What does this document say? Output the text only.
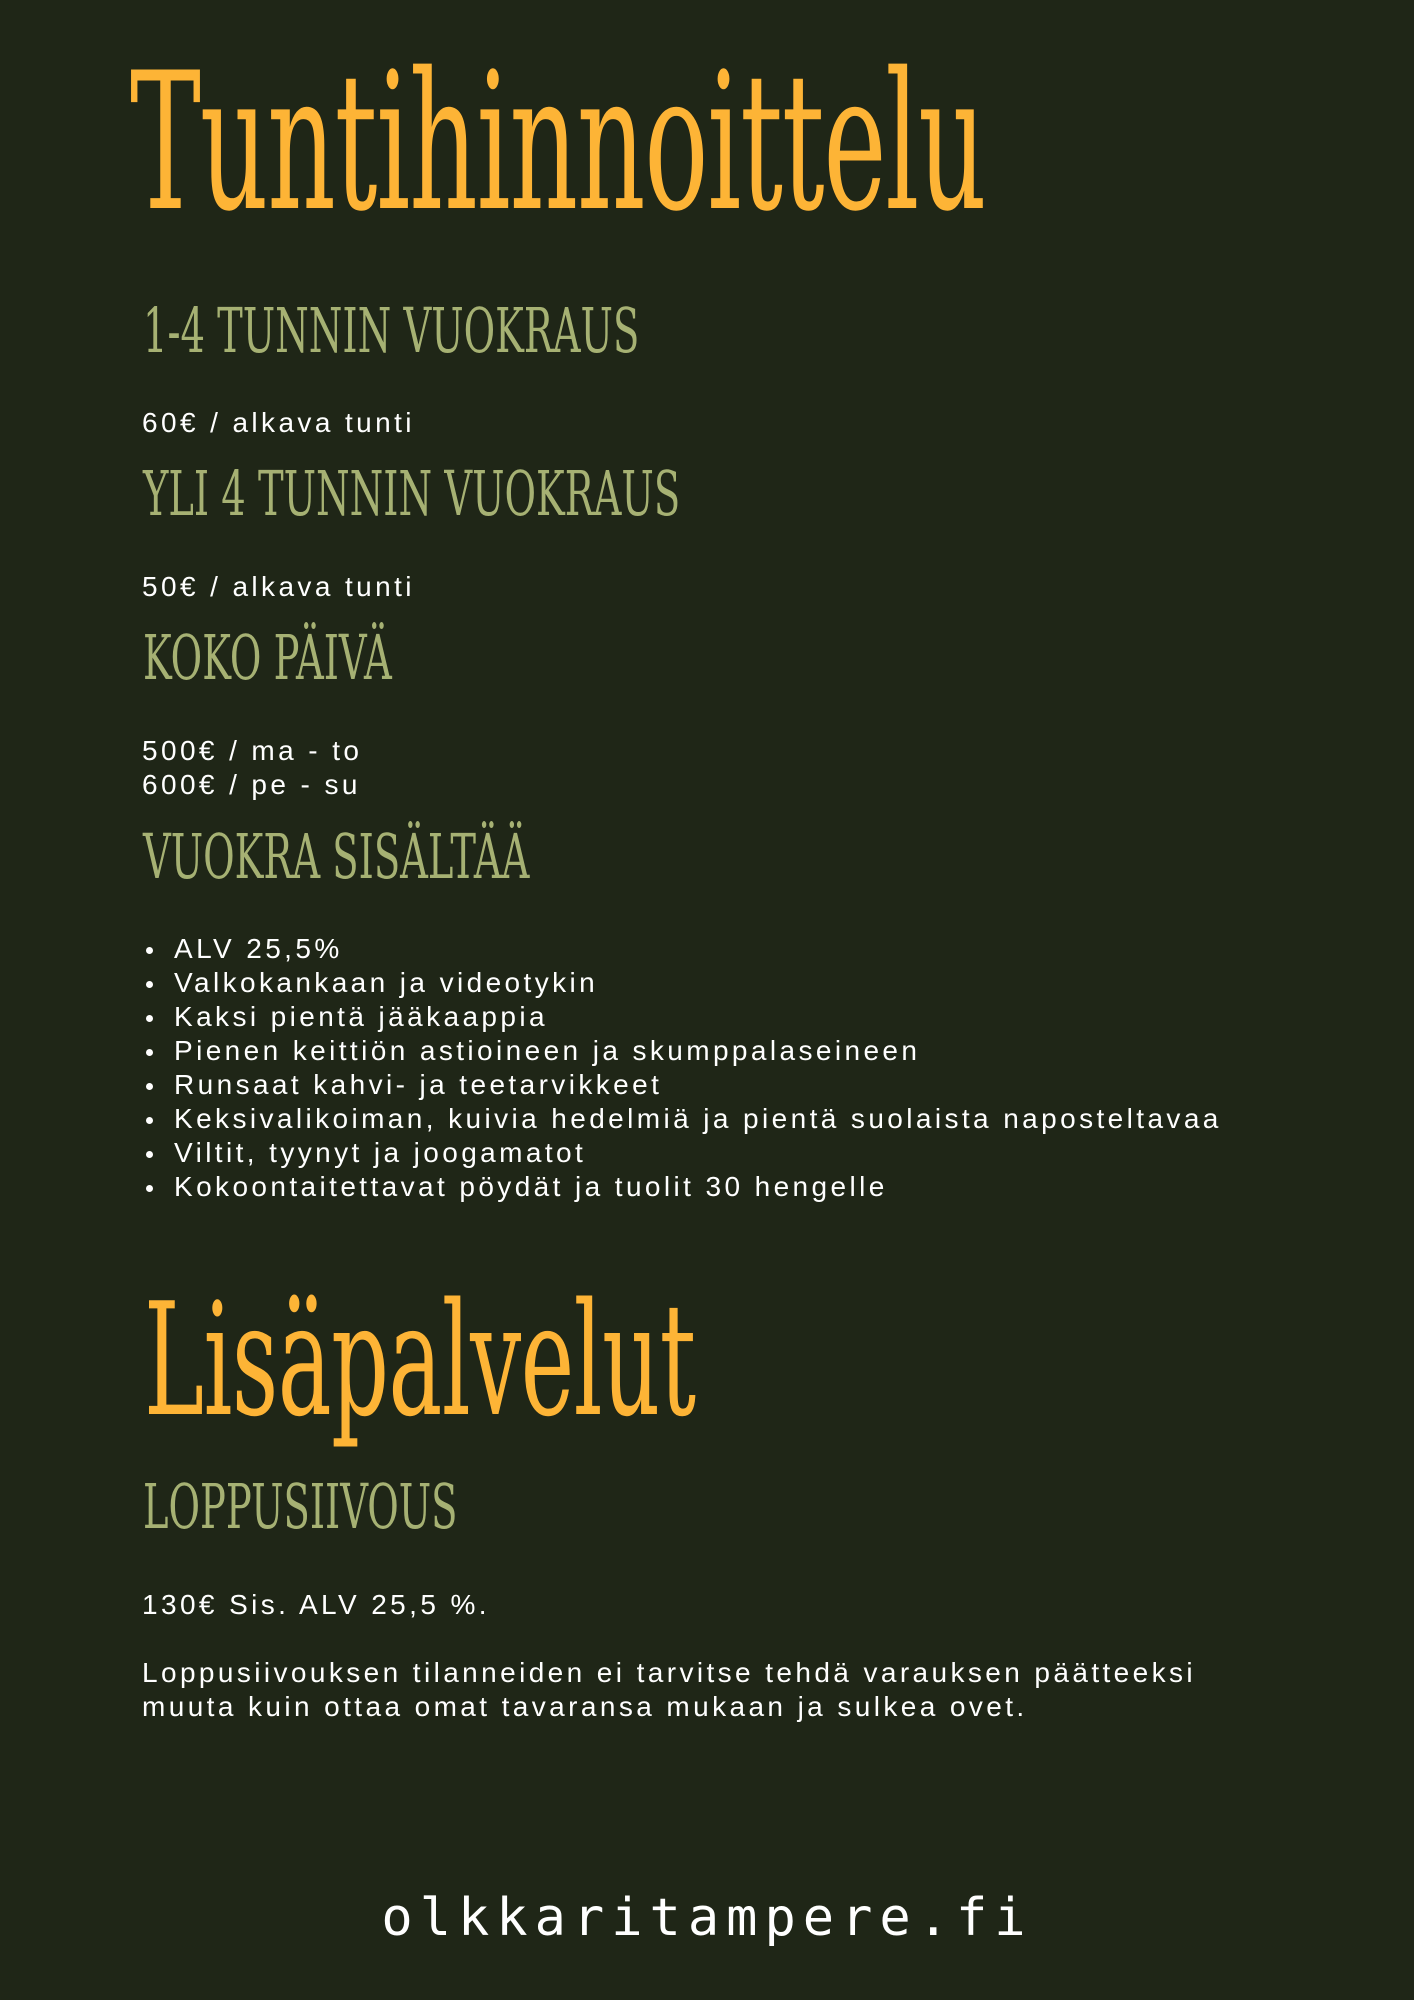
Tuntihinnoittelu
1-4 TUNNIN VUOKRAUS

60€ / alkava tunti

YLI 4 TUNNIN VUOKRAUS

50€ / alkava tunti

KOKO PÄIVÄ

500€ / ma - to

600€ / pe - su

VUOKRA SISÄLTÄÄ
ALV 25,5%
Valkokankaan ja videotykin
Kaksi pientä jääkaappia
Pienen keittiön astioineen ja skumppalaseineen
Runsaat kahvi- ja teetarvikkeet
Keksivalikoiman, kuivia hedelmiä ja pientä suolaista naposteltavaa
Viltit, tyynyt ja joogamatot
Kokoontaitettavat pöydät ja tuolit 30 hengelle
Lisäpalvelut
LOPPUSIIVOUS

130€ Sis. ALV 25,5 %.

Loppusiivouksen tilanneiden ei tarvitse tehdä varauksen päätteeksi muuta kuin ottaa omat tavaransa mukaan ja sulkea ovet.

olkkaritampere.fi
